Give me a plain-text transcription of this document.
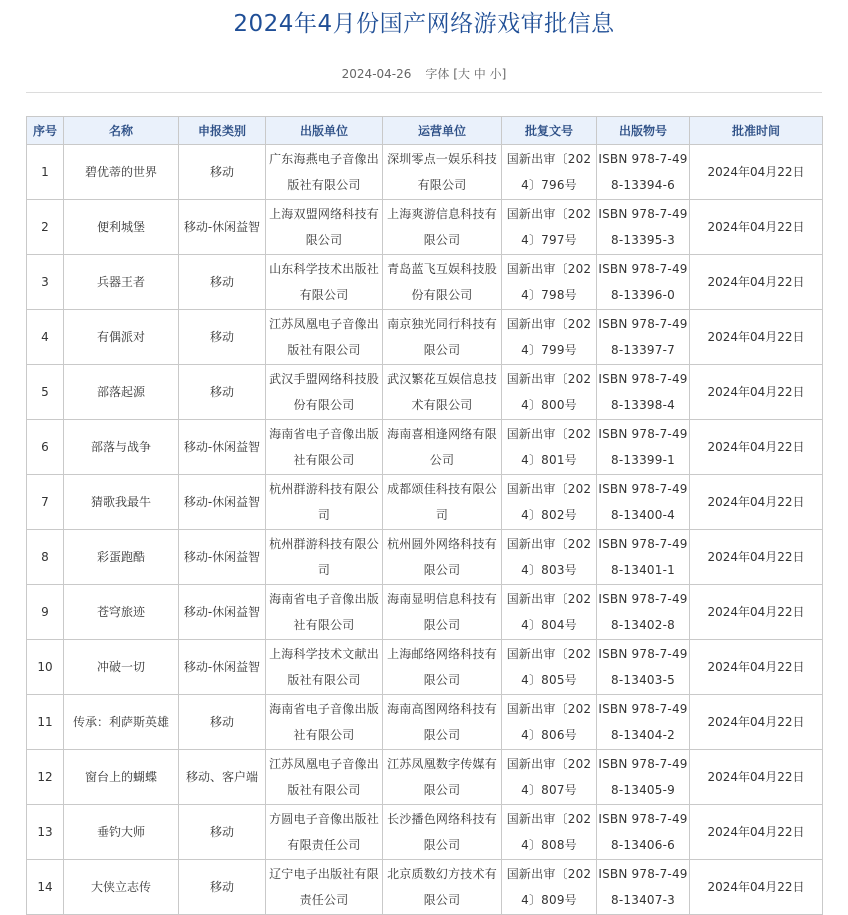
2024年4月份国产网络游戏审批信息
2024-04-26 字体 [大 中 小]
序号	名称	申报类别	出版单位	运营单位	批复文号	出版物号	批准时间
1	碧优蒂的世界	移动	广东海燕电子音像出版社有限公司	深圳零点一娱乐科技有限公司	国新出审〔2024〕796号	ISBN 978-7-498-13394-6	2024年04月22日
2	便利城堡	移动-休闲益智	上海双盟网络科技有限公司	上海爽游信息科技有限公司	国新出审〔2024〕797号	ISBN 978-7-498-13395-3	2024年04月22日
3	兵器王者	移动	山东科学技术出版社有限公司	青岛蓝飞互娱科技股份有限公司	国新出审〔2024〕798号	ISBN 978-7-498-13396-0	2024年04月22日
4	有偶派对	移动	江苏凤凰电子音像出版社有限公司	南京独光同行科技有限公司	国新出审〔2024〕799号	ISBN 978-7-498-13397-7	2024年04月22日
5	部落起源	移动	武汉手盟网络科技股份有限公司	武汉繁花互娱信息技术有限公司	国新出审〔2024〕800号	ISBN 978-7-498-13398-4	2024年04月22日
6	部落与战争	移动-休闲益智	海南省电子音像出版社有限公司	海南喜相逢网络有限公司	国新出审〔2024〕801号	ISBN 978-7-498-13399-1	2024年04月22日
7	猜歌我最牛	移动-休闲益智	杭州群游科技有限公司	成都颂佳科技有限公司	国新出审〔2024〕802号	ISBN 978-7-498-13400-4	2024年04月22日
8	彩蛋跑酷	移动-休闲益智	杭州群游科技有限公司	杭州圆外网络科技有限公司	国新出审〔2024〕803号	ISBN 978-7-498-13401-1	2024年04月22日
9	苍穹旅迹	移动-休闲益智	海南省电子音像出版社有限公司	海南显明信息科技有限公司	国新出审〔2024〕804号	ISBN 978-7-498-13402-8	2024年04月22日
10	冲破一切	移动-休闲益智	上海科学技术文献出版社有限公司	上海邮络网络科技有限公司	国新出审〔2024〕805号	ISBN 978-7-498-13403-5	2024年04月22日
11	传承：利萨斯英雄	移动	海南省电子音像出版社有限公司	海南高图网络科技有限公司	国新出审〔2024〕806号	ISBN 978-7-498-13404-2	2024年04月22日
12	窗台上的蝴蝶	移动、客户端	江苏凤凰电子音像出版社有限公司	江苏凤凰数字传媒有限公司	国新出审〔2024〕807号	ISBN 978-7-498-13405-9	2024年04月22日
13	垂钓大师	移动	方圆电子音像出版社有限责任公司	长沙播色网络科技有限公司	国新出审〔2024〕808号	ISBN 978-7-498-13406-6	2024年04月22日
14	大侠立志传	移动	辽宁电子出版社有限责任公司	北京质数幻方技术有限公司	国新出审〔2024〕809号	ISBN 978-7-498-13407-3	2024年04月22日
